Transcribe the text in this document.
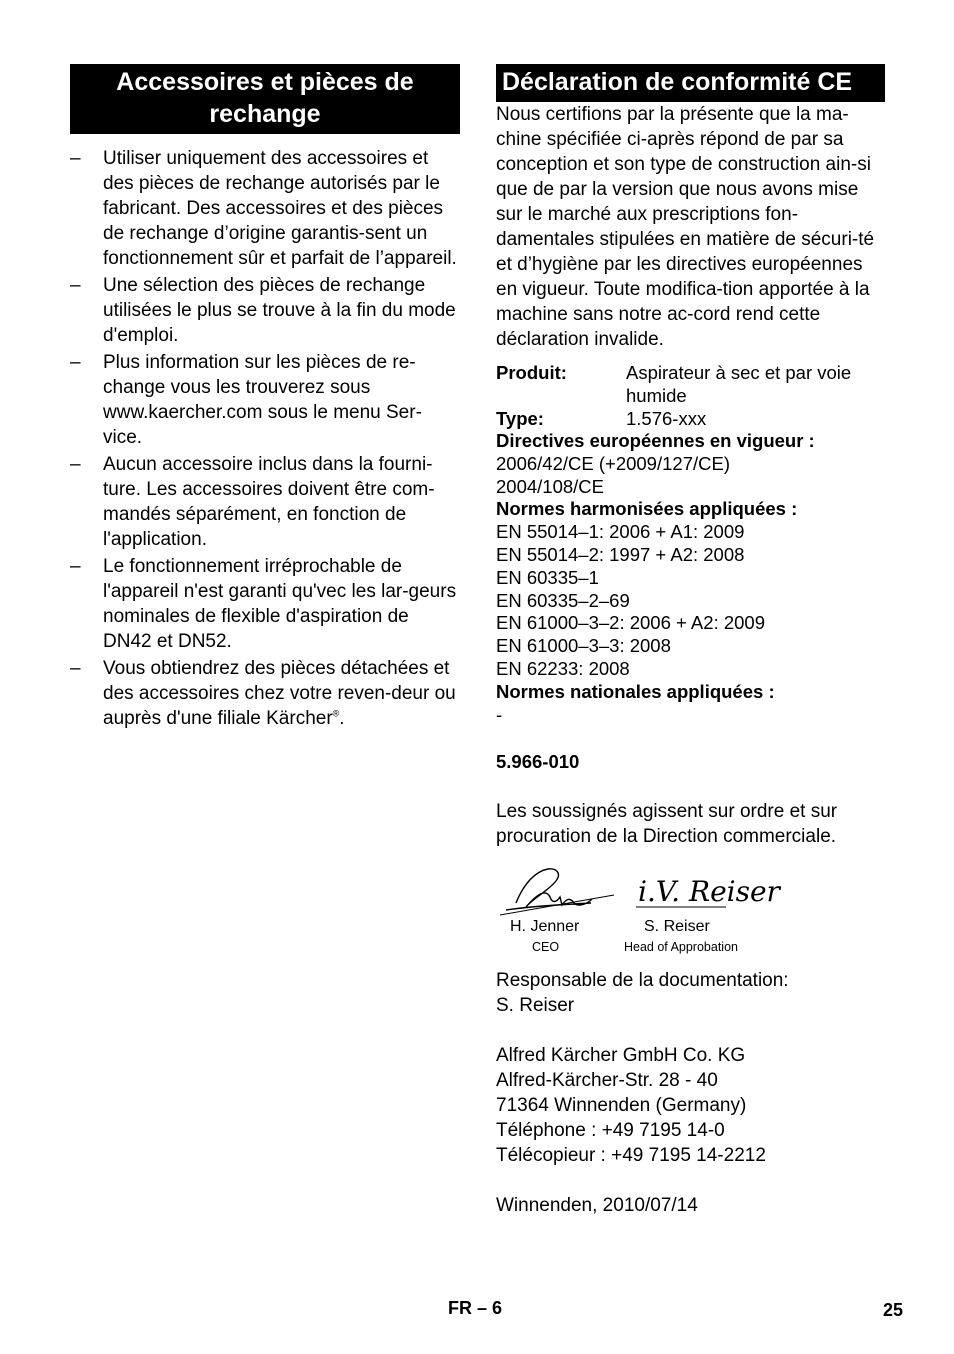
Accessoires et pièces de rechange
–	Utiliser uniquement des accessoires et des pièces de rechange autorisés par le fabricant. Des accessoires et des pièces de rechange d’origine garantis-sent un fonctionnement sûr et parfait de l’appareil.
–	Une sélection des pièces de rechange utilisées le plus se trouve à la fin du mode d'emploi.
–	Plus information sur les pièces de re-change vous les trouverez sous www.kaercher.com sous le menu Ser-vice.
–	Aucun accessoire inclus dans la fourni-ture. Les accessoires doivent être com-mandés séparément, en fonction de l'application.
–	Le fonctionnement irréprochable de l'appareil n'est garanti qu'vec les lar-geurs nominales de flexible d'aspiration de DN42 et DN52.
–	Vous obtiendrez des pièces détachées et des accessoires chez votre reven-deur ou auprès d'une filiale Kärcher®.
Déclaration de conformité CE

Nous certifions par la présente que la ma-chine spécifiée ci-après répond de par sa conception et son type de construction ain-si que de par la version que nous avons mise sur le marché aux prescriptions fon-damentales stipulées en matière de sécuri-té et d’hygiène par les directives européennes en vigueur. Toute modifica-tion apportée à la machine sans notre ac-cord rend cette déclaration invalide.

Produit:	Aspirateur à sec et par voie humide
Type:	1.576-xxx
Directives européennes en vigueur :
2006/42/CE (+2009/127/CE)
2004/108/CE
Normes harmonisées appliquées :
EN 55014–1: 2006 + A1: 2009
EN 55014–2: 1997 + A2: 2008
EN 60335–1
EN 60335–2–69
EN 61000–3–2: 2006 + A2: 2009
EN 61000–3–3: 2008
EN 62233: 2008
Normes nationales appliquées :
-
5.966-010

Les soussignés agissent sur ordre et sur procuration de la Direction commerciale.

i.V. Reiser
H. Jenner
CEO
S. Reiser
Head of Approbation

Responsable de la documentation:

S. Reiser

Alfred Kärcher GmbH Co. KG

Alfred-Kärcher-Str. 28 - 40

71364 Winnenden (Germany)

Téléphone : +49 7195 14-0

Télécopieur : +49 7195 14-2212

Winnenden, 2010/07/14

FR – 6	25
